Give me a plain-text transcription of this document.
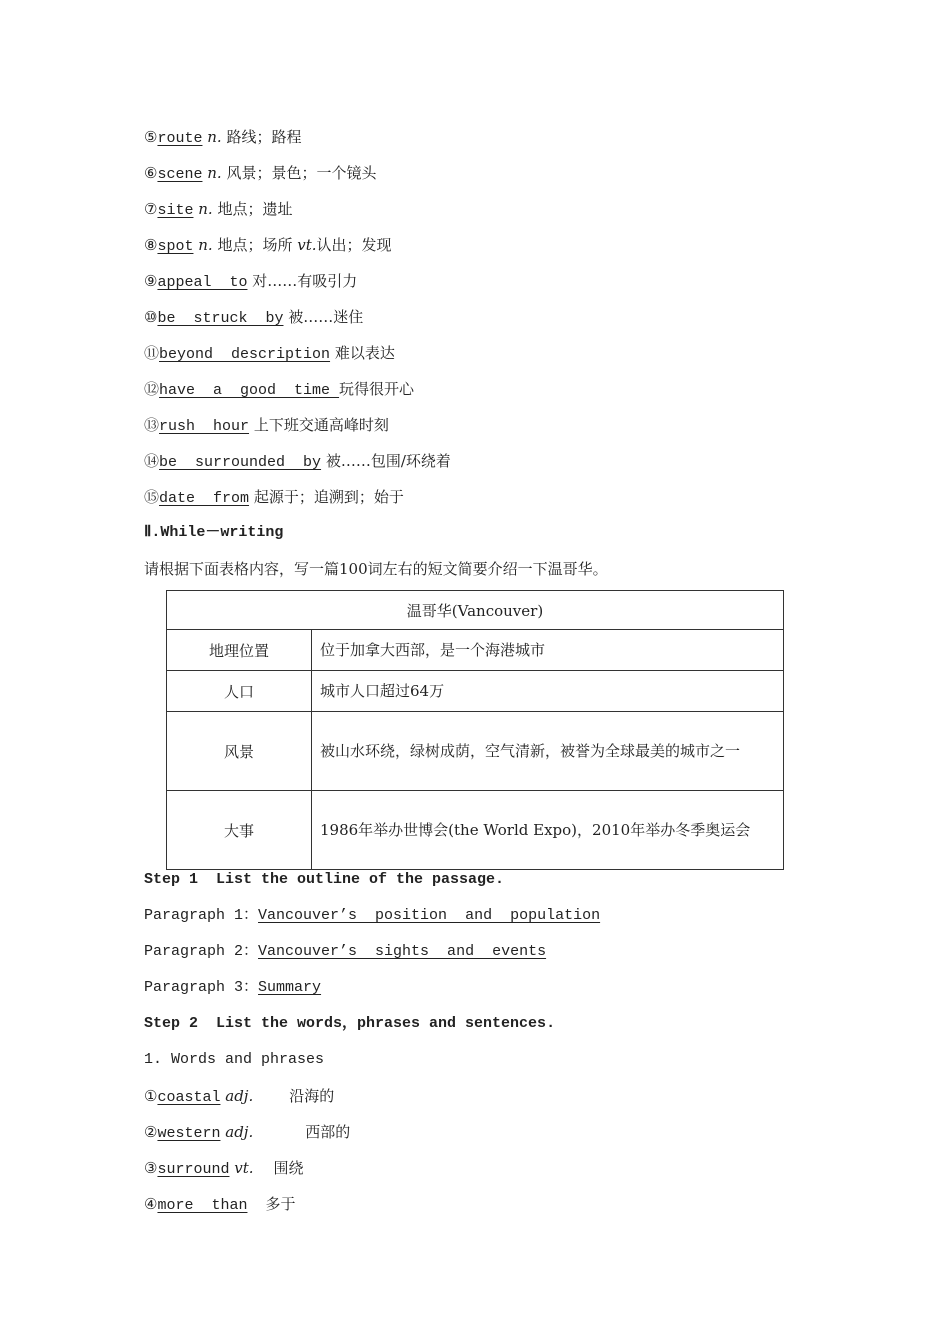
⑤route n. 路线；路程
⑥scene n. 风景；景色；一个镜头
⑦site n. 地点；遗址
⑧spot n. 地点；场所 vt.认出；发现
⑨appeal  to 对……有吸引力
⑩be  struck  by 被……迷住
⑪beyond  description 难以表达
⑫have  a  good  time 玩得很开心
⑬rush  hour 上下班交通高峰时刻
⑭be  surrounded  by 被……包围/环绕着
⑮date  from 起源于；追溯到；始于
Ⅱ.While－writing
请根据下面表格内容，写一篇100词左右的短文简要介绍一下温哥华。
温哥华(Vancouver)	
地理位置	位于加拿大西部，是一个海港城市
人口	城市人口超过64万
风景	被山水环绕，绿树成荫，空气清新，被誉为全球最美的城市之一
大事	1986年举办世博会(the World Expo)，2010年举办冬季奥运会
Step 1  List the outline of the passage.
Paragraph 1：Vancouver’s  position  and  population
Paragraph 2：Vancouver’s  sights  and  events
Paragraph 3：Summary
Step 2  List the words，phrases and sentences.
1. Words and phrases
①coastal adj. 沿海的
②western adj.	西部的
③surround vt. 围绕
④more  than 多于
